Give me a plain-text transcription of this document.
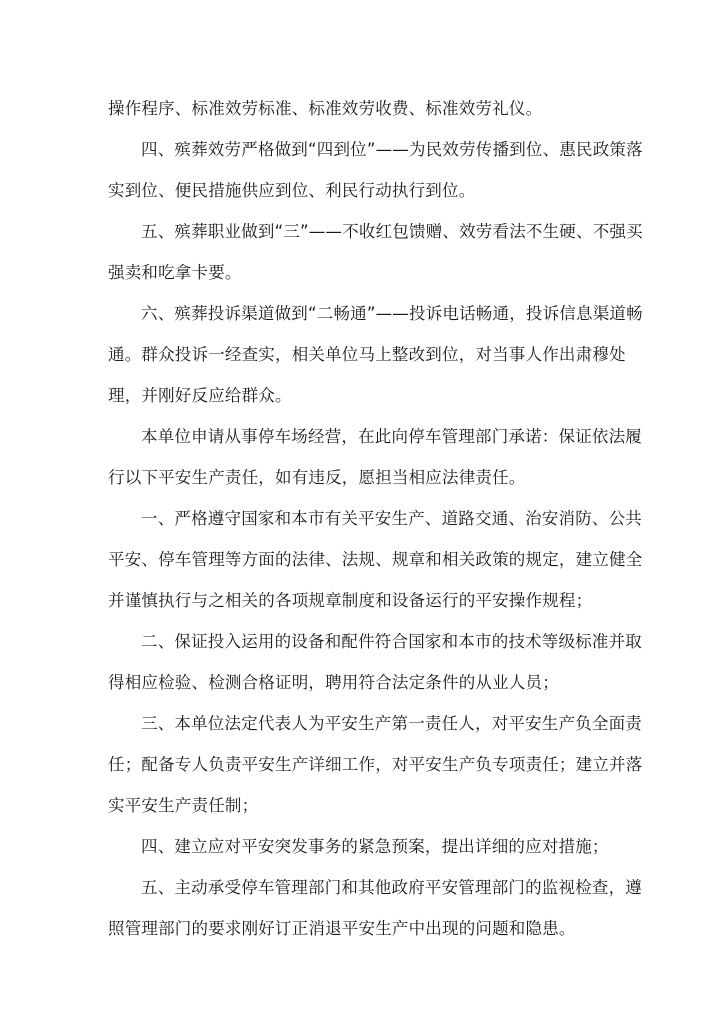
操作程序、标准效劳标准、标准效劳收费、标准效劳礼仪。

四、殡葬效劳严格做到“四到位”——为民效劳传播到位、惠民政策落实到位、便民措施供应到位、利民行动执行到位。

五、殡葬职业做到“三”——不收红包馈赠、效劳看法不生硬、不强买强卖和吃拿卡要。

六、殡葬投诉渠道做到“二畅通”——投诉电话畅通，投诉信息渠道畅通。群众投诉一经查实，相关单位马上整改到位，对当事人作出肃穆处理，并刚好反应给群众。

本单位申请从事停车场经营，在此向停车管理部门承诺：保证依法履行以下平安生产责任，如有违反，愿担当相应法律责任。

一、严格遵守国家和本市有关平安生产、道路交通、治安消防、公共平安、停车管理等方面的法律、法规、规章和相关政策的规定，建立健全并谨慎执行与之相关的各项规章制度和设备运行的平安操作规程；

二、保证投入运用的设备和配件符合国家和本市的技术等级标准并取得相应检验、检测合格证明，聘用符合法定条件的从业人员；

三、本单位法定代表人为平安生产第一责任人，对平安生产负全面责任；配备专人负责平安生产详细工作，对平安生产负专项责任；建立并落实平安生产责任制；

四、建立应对平安突发事务的紧急预案，提出详细的应对措施；

五、主动承受停车管理部门和其他政府平安管理部门的监视检查，遵照管理部门的要求刚好订正消退平安生产中出现的问题和隐患。
